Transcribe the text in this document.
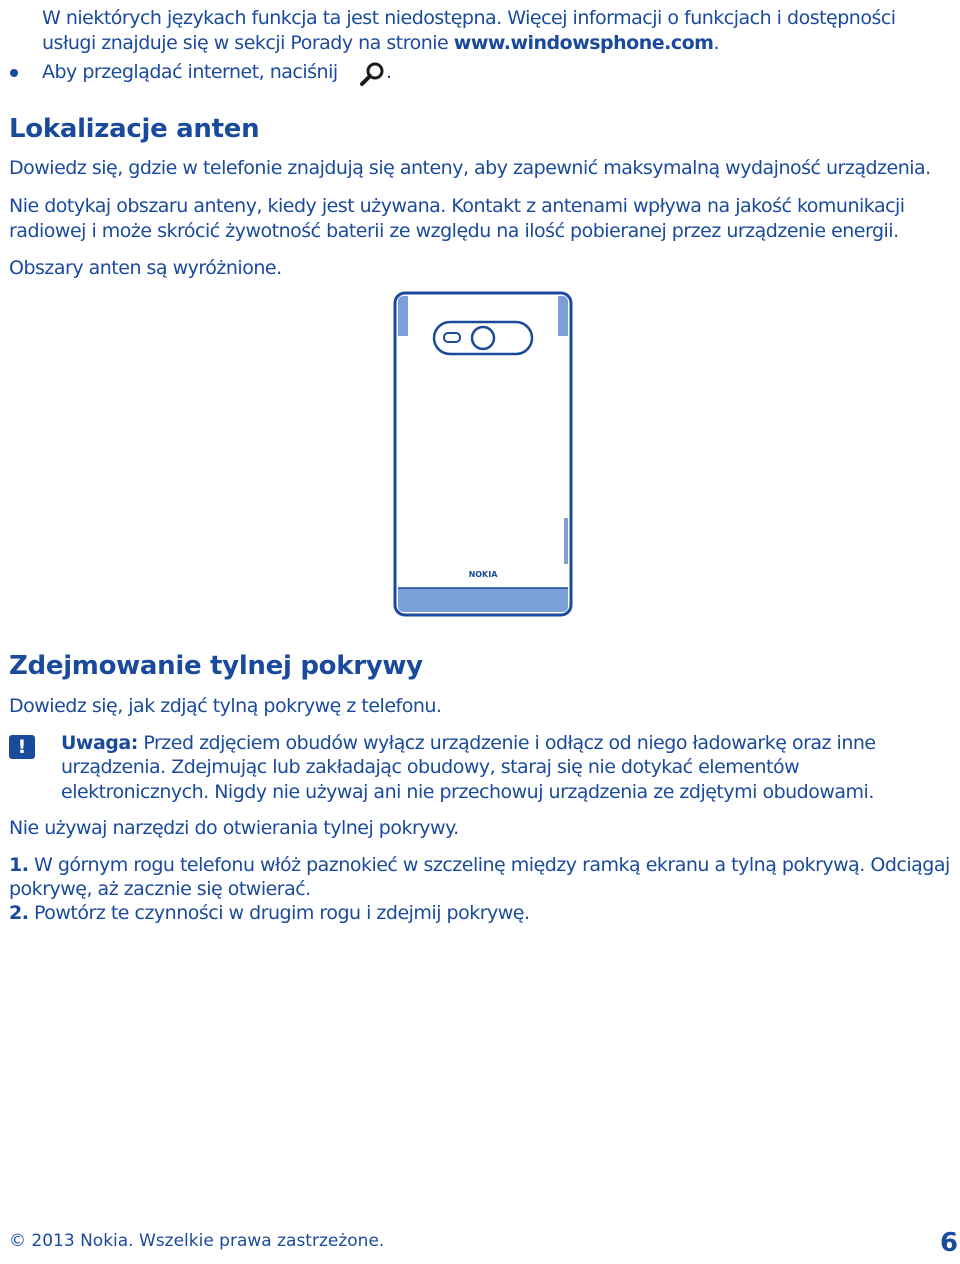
W niektórych językach funkcja ta jest niedostępna. Więcej informacji o funkcjach i dostępności

usługi znajduje się w sekcji Porady na stronie www.windowsphone.com.

Aby przeglądać internet, naciśnij	.

Lokalizacje anten

Dowiedz się, gdzie w telefonie znajdują się anteny, aby zapewnić maksymalną wydajność urządzenia.

Nie dotykaj obszaru anteny, kiedy jest używana. Kontakt z antenami wpływa na jakość komunikacji

radiowej i może skrócić żywotność baterii ze względu na ilość pobieranej przez urządzenie energii.

Obszary anten są wyróżnione.

NOKIA
Zdejmowanie tylnej pokrywy

Dowiedz się, jak zdjąć tylną pokrywę z telefonu.

!	Uwaga: Przed zdjęciem obudów wyłącz urządzenie i odłącz od niego ładowarkę oraz inne

urządzenia. Zdejmując lub zakładając obudowy, staraj się nie dotykać elementów

elektronicznych. Nigdy nie używaj ani nie przechowuj urządzenia ze zdjętymi obudowami.

Nie używaj narzędzi do otwierania tylnej pokrywy.

1. W górnym rogu telefonu włóż paznokieć w szczelinę między ramką ekranu a tylną pokrywą. Odciągaj

pokrywę, aż zacznie się otwierać.

2. Powtórz te czynności w drugim rogu i zdejmij pokrywę.

© 2013 Nokia. Wszelkie prawa zastrzeżone.	6
